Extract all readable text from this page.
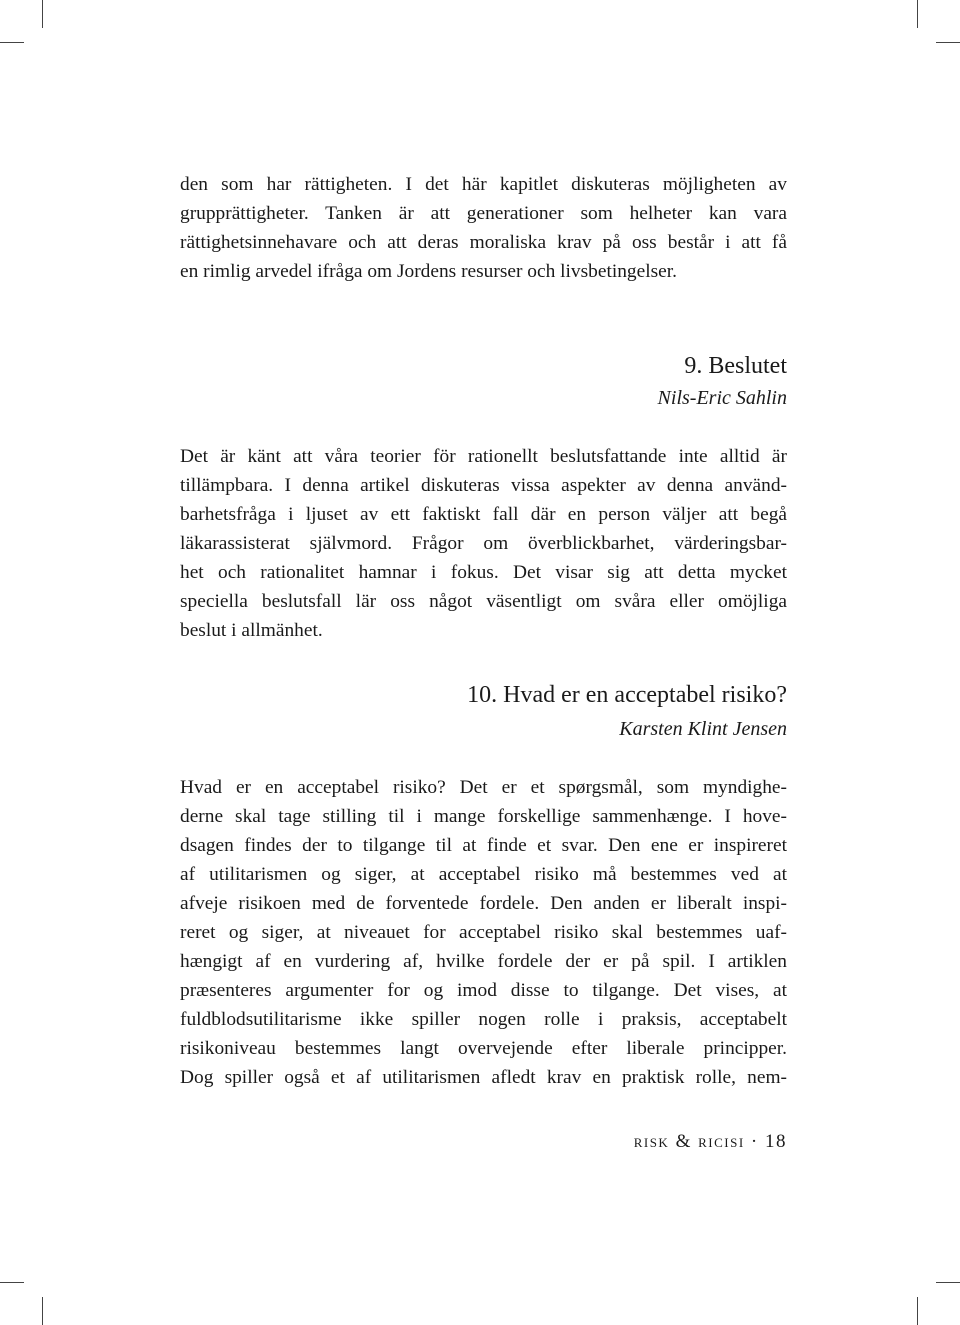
den som har rättigheten. I det här kapitlet diskuteras möjligheten av
grupprättigheter. Tanken är att generationer som helheter kan vara
rättighetsinnehavare och att deras moraliska krav på oss består i att få
en rimlig arvedel ifråga om Jordens resurser och livsbetingelser.

9. Beslutet

Nils-Eric Sahlin

Det är känt att våra teorier för rationellt beslutsfattande inte alltid är
tillämpbara. I denna artikel diskuteras vissa aspekter av denna använd-
barhetsfråga i ljuset av ett faktiskt fall där en person väljer att begå
läkarassisterat självmord. Frågor om överblickbarhet, värderingsbar-
het och rationalitet hamnar i fokus. Det visar sig att detta mycket
speciella beslutsfall lär oss något väsentligt om svåra eller omöjliga
beslut i allmänhet.

10. Hvad er en acceptabel risiko?

Karsten Klint Jensen

Hvad er en acceptabel risiko? Det er et spørgsmål, som myndighe-
derne skal tage stilling til i mange forskellige sammenhænge. I hove-
dsagen findes der to tilgange til at finde et svar. Den ene er inspireret
af utilitarismen og siger, at acceptabel risiko må bestemmes ved at
afveje risikoen med de forventede fordele. Den anden er liberalt inspi-
reret og siger, at niveauet for acceptabel risiko skal bestemmes uaf-
hængigt af en vurdering af, hvilke fordele der er på spil. I artiklen
præsenteres argumenter for og imod disse to tilgange. Det vises, at
fuldblodsutilitarisme ikke spiller nogen rolle i praksis, acceptabelt
risikoniveau bestemmes langt overvejende efter liberale principper.
Dog spiller også et af utilitarismen afledt krav en praktisk rolle, nem-

risk & ricisi · 18
